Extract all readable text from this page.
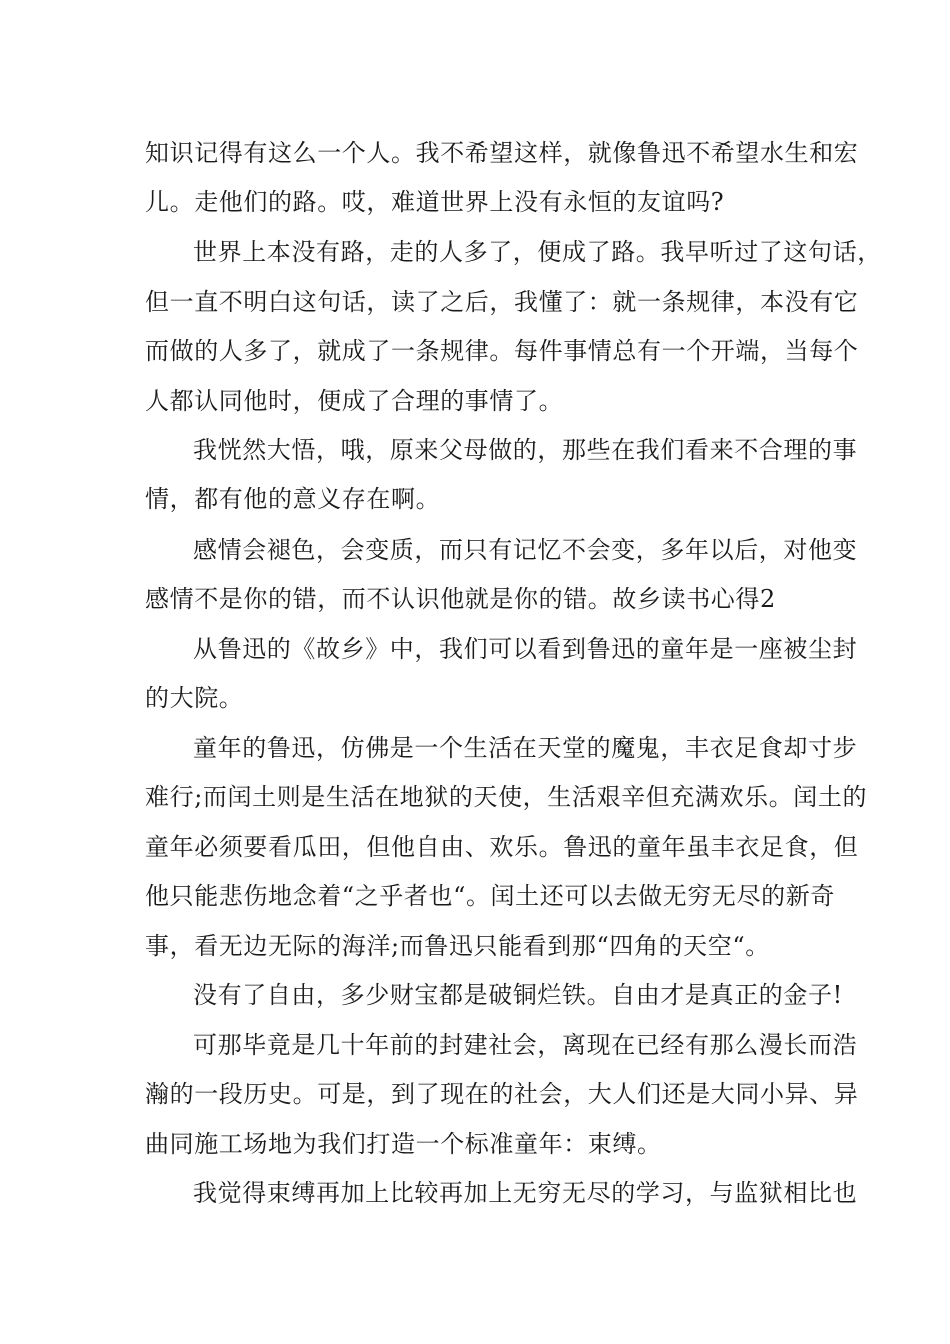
知识记得有这么一个人。我不希望这样，就像鲁迅不希望水生和宏
儿。走他们的路。哎，难道世界上没有永恒的友谊吗?
世界上本没有路，走的人多了，便成了路。我早听过了这句话，
但一直不明白这句话，读了之后，我懂了：就一条规律，本没有它
而做的人多了，就成了一条规律。每件事情总有一个开端，当每个
人都认同他时，便成了合理的事情了。
我恍然大悟，哦，原来父母做的，那些在我们看来不合理的事
情，都有他的意义存在啊。
感情会褪色，会变质，而只有记忆不会变，多年以后，对他变
感情不是你的错，而不认识他就是你的错。故乡读书心得2
从鲁迅的《故乡》中，我们可以看到鲁迅的童年是一座被尘封
的大院。
童年的鲁迅，仿佛是一个生活在天堂的魔鬼，丰衣足食却寸步
难行;而闰土则是生活在地狱的天使，生活艰辛但充满欢乐。闰土的
童年必须要看瓜田，但他自由、欢乐。鲁迅的童年虽丰衣足食，但
他只能悲伤地念着“之乎者也“。闰土还可以去做无穷无尽的新奇
事，看无边无际的海洋;而鲁迅只能看到那“四角的天空“。
没有了自由，多少财宝都是破铜烂铁。自由才是真正的金子!
可那毕竟是几十年前的封建社会，离现在已经有那么漫长而浩
瀚的一段历史。可是，到了现在的社会，大人们还是大同小异、异
曲同施工场地为我们打造一个标准童年：束缚。
我觉得束缚再加上比较再加上无穷无尽的学习，与监狱相比也
